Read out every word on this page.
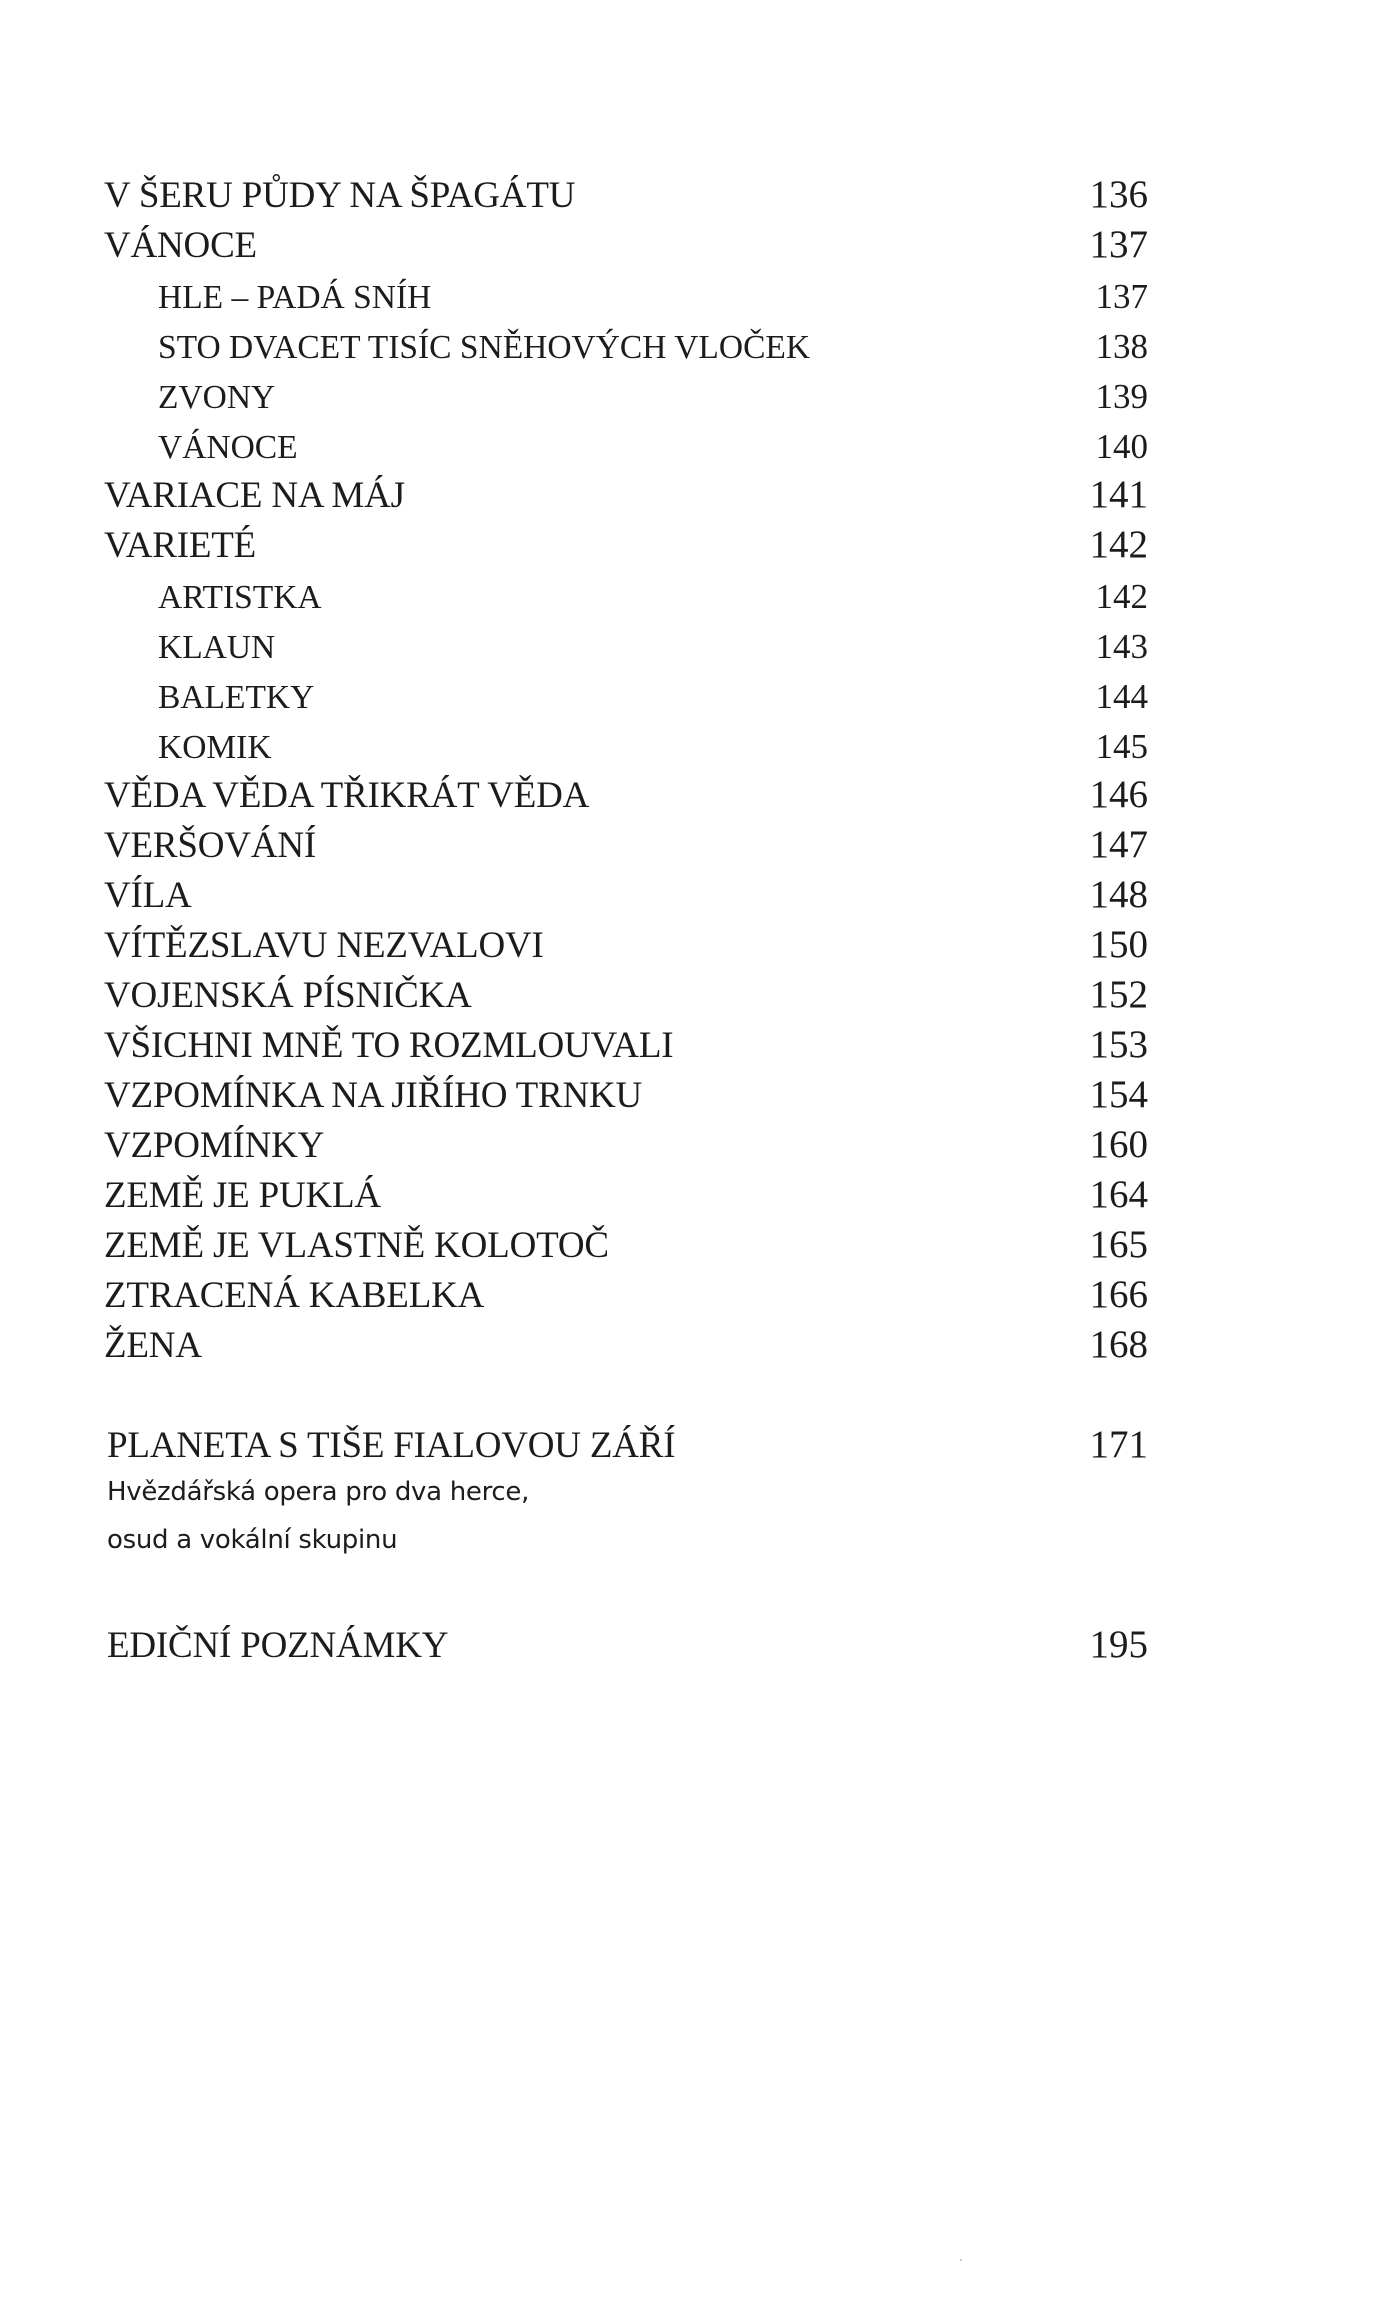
V ŠERU PŮDY NA ŠPAGÁTU	136
VÁNOCE	137
HLE – PADÁ SNÍH	137
STO DVACET TISÍC SNĚHOVÝCH VLOČEK	138
ZVONY	139
VÁNOCE	140
VARIACE NA MÁJ	141
VARIETÉ	142
ARTISTKA	142
KLAUN	143
BALETKY	144
KOMIK	145
VĚDA VĚDA TŘIKRÁT VĚDA	146
VERŠOVÁNÍ	147
VÍLA	148
VÍTĚZSLAVU NEZVALOVI	150
VOJENSKÁ PÍSNIČKA	152
VŠICHNI MNĚ TO ROZMLOUVALI	153
VZPOMÍNKA NA JIŘÍHO TRNKU	154
VZPOMÍNKY	160
ZEMĚ JE PUKLÁ	164
ZEMĚ JE VLASTNĚ KOLOTOČ	165
ZTRACENÁ KABELKA	166
ŽENA	168
PLANETA S TIŠE FIALOVOU ZÁŘÍ	171
Hvězdářská opera pro dva herce,
osud a vokální skupinu
EDIČNÍ POZNÁMKY	195
